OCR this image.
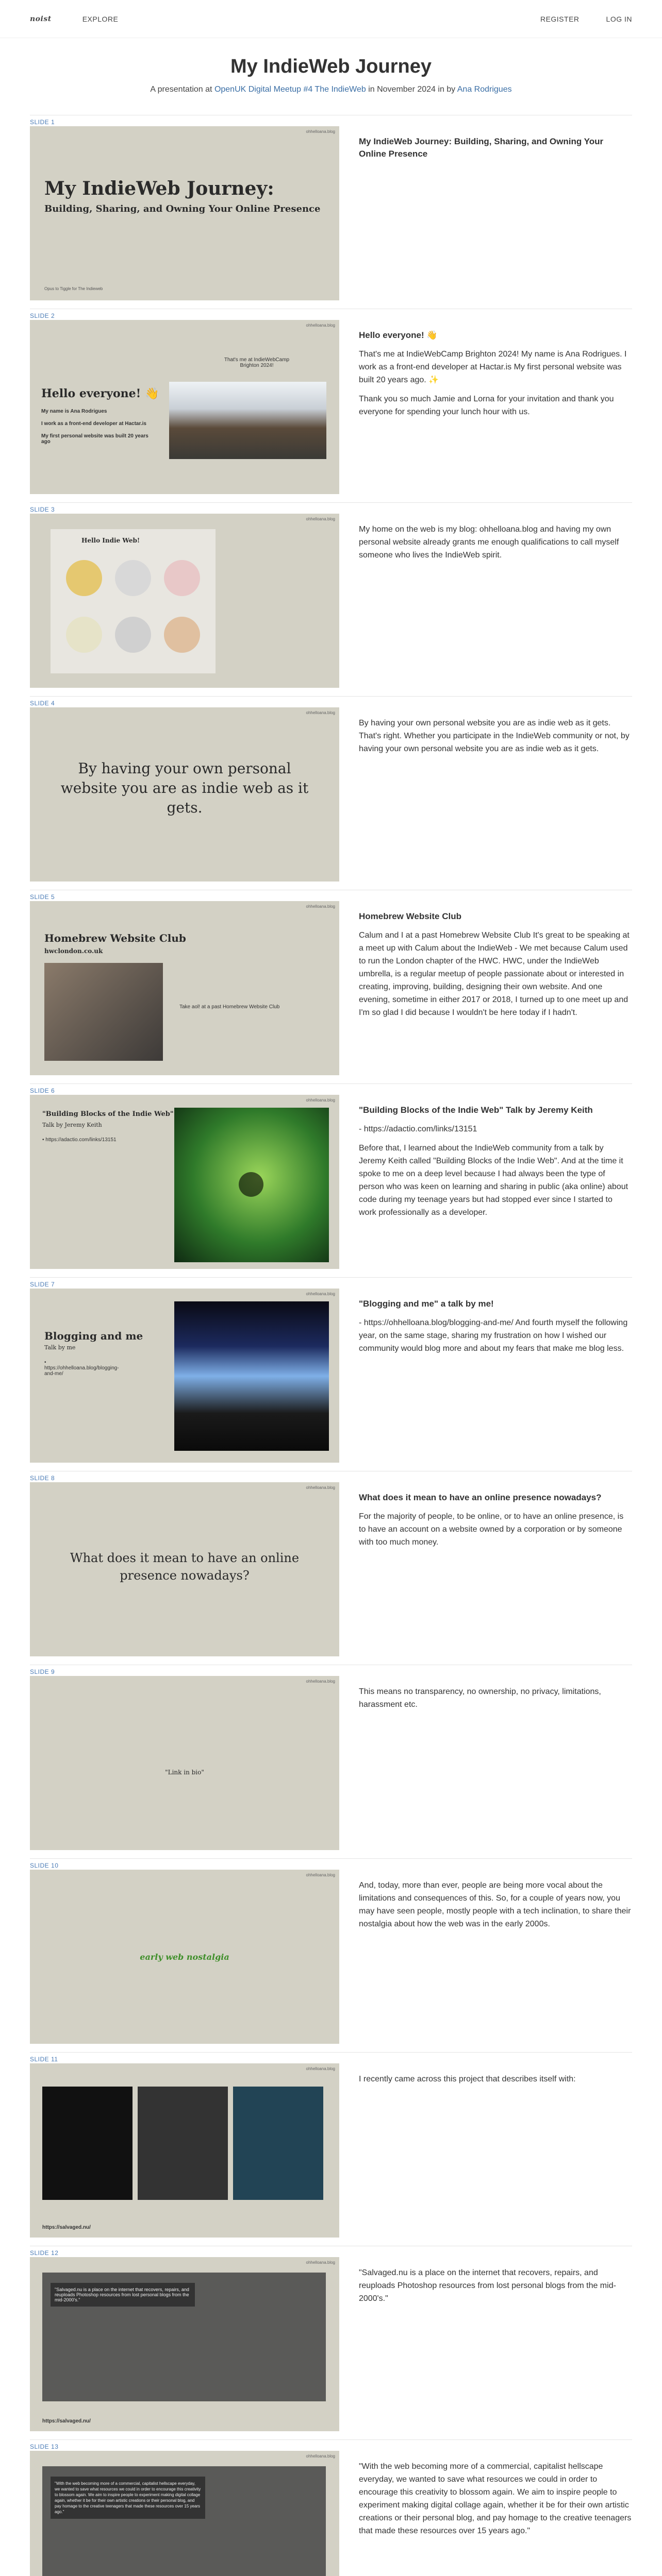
noist	EXPLORE	REGISTER	LOG IN
My IndieWeb Journey
A presentation at OpenUK Digital Meetup #4 The IndieWeb in November 2024 in by Ana Rodrigues
SLIDE 1
ohhelloana.blog
My IndieWeb Journey:
Building, Sharing, and Owning Your Online Presence
Opus to Tiggle for The Indieweb
My IndieWeb Journey: Building, Sharing, and Owning Your Online Presence
SLIDE 2
ohhelloana.blog
Hello everyone! 👋
My name is Ana Rodrigues
I work as a front-end developer at Hactar.is
My first personal website was built 20 years ago
That's me at IndieWebCamp Brighton 2024!
Hello everyone! 👋

That's me at IndieWebCamp Brighton 2024! My name is Ana Rodrigues. I work as a front-end developer at Hactar.is My first personal website was built 20 years ago. ✨

Thank you so much Jamie and Lorna for your invitation and thank you everyone for spending your lunch hour with us.

SLIDE 3
ohhelloana.blog
Hello Indie Web!

My home on the web is my blog: ohhelloana.blog and having my own personal website already grants me enough qualifications to call myself someone who lives the IndieWeb spirit.

SLIDE 4
ohhelloana.blog
By having your own personal website you are as indie web as it gets.

By having your own personal website you are as indie web as it gets. That's right. Whether you participate in the IndieWeb community or not, by having your own personal website you are as indie web as it gets.

SLIDE 5
ohhelloana.blog
Homebrew Website Club
hwclondon.co.uk
Take aol! at a past Homebrew Website Club
Homebrew Website Club

Calum and I at a past Homebrew Website Club It's great to be speaking at a meet up with Calum about the IndieWeb - We met because Calum used to run the London chapter of the HWC. HWC, under the IndieWeb umbrella, is a regular meetup of people passionate about or interested in creating, improving, building, designing their own website. And one evening, sometime in either 2017 or 2018, I turned up to one meet up and I'm so glad I did because I wouldn't be here today if I hadn't.

SLIDE 6
ohhelloana.blog
"Building Blocks of the Indie Web"
Talk by Jeremy Keith
• https://adactio.com/links/13151
"Building Blocks of the Indie Web" Talk by Jeremy Keith

- https://adactio.com/links/13151

Before that, I learned about the IndieWeb community from a talk by Jeremy Keith called "Building Blocks of the Indie Web". And at the time it spoke to me on a deep level because I had always been the type of person who was keen on learning and sharing in public (aka online) about code during my teenage years but had stopped ever since I started to work professionally as a developer.

SLIDE 7
ohhelloana.blog
Blogging and me
Talk by me
• https://ohhelloana.blog/blogging-and-me/
"Blogging and me" a talk by me!

- https://ohhelloana.blog/blogging-and-me/ And fourth myself the following year, on the same stage, sharing my frustration on how I wished our community would blog more and about my fears that make me blog less.

SLIDE 8
ohhelloana.blog
What does it mean to have an online presence nowadays?
What does it mean to have an online presence nowadays?

For the majority of people, to be online, or to have an online presence, is to have an account on a website owned by a corporation or by someone with too much money.

SLIDE 9
ohhelloana.blog
"Link in bio"

This means no transparency, no ownership, no privacy, limitations, harassment etc.

SLIDE 10
ohhelloana.blog
early web nostalgia

And, today, more than ever, people are being more vocal about the limitations and consequences of this. So, for a couple of years now, you may have seen people, mostly people with a tech inclination, to share their nostalgia about how the web was in the early 2000s.

SLIDE 11
ohhelloana.blog
https://salvaged.nu/

I recently came across this project that describes itself with:

SLIDE 12
ohhelloana.blog
"Salvaged.nu is a place on the internet that recovers, repairs, and reuploads Photoshop resources from lost personal blogs from the mid-2000's."
https://salvaged.nu/

"Salvaged.nu is a place on the internet that recovers, repairs, and reuploads Photoshop resources from lost personal blogs from the mid-2000's."

SLIDE 13
ohhelloana.blog
"With the web becoming more of a commercial, capitalist hellscape everyday, we wanted to save what resources we could in order to encourage this creativity to blossom again. We aim to inspire people to experiment making digital collage again, whether it be for their own artistic creations or their personal blog, and pay homage to the creative teenagers that made these resources over 15 years ago."

"With the web becoming more of a commercial, capitalist hellscape everyday, we wanted to save what resources we could in order to encourage this creativity to blossom again. We aim to inspire people to experiment making digital collage again, whether it be for their own artistic creations or their personal blog, and pay homage to the creative teenagers that made these resources over 15 years ago."
